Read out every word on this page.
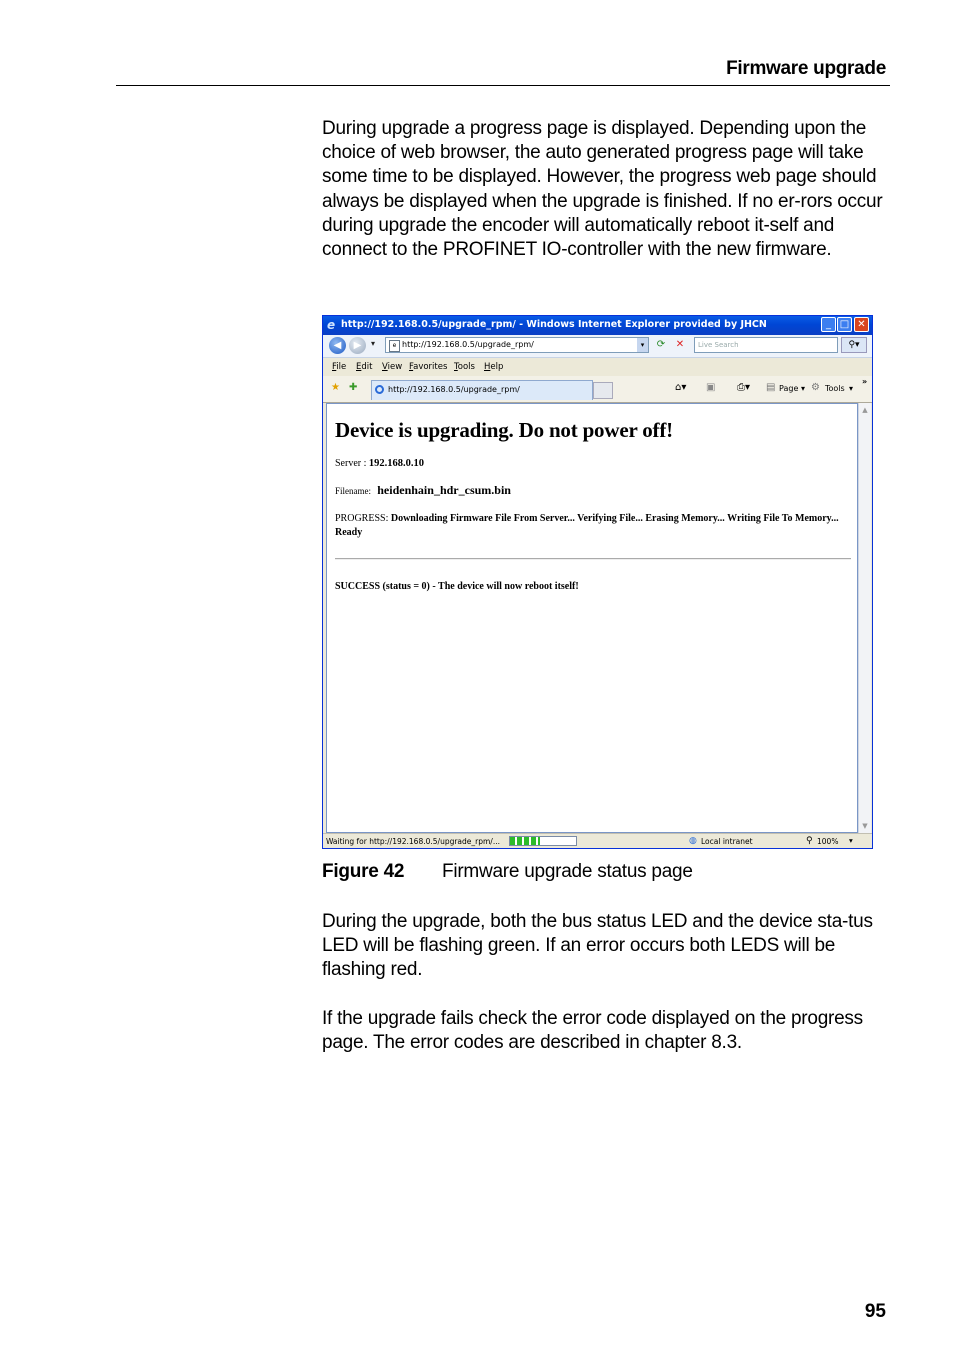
Firmware upgrade

During upgrade a progress page is displayed. Depending upon the choice of web browser, the auto generated progress page will take some time to be displayed. However, the progress web page should always be displayed when the upgrade is finished. If no er-rors occur during upgrade the encoder will automatically reboot it-self and connect to the PROFINET IO-controller with the new firmware.

e http://192.168.0.5/upgrade_rpm/ - Windows Internet Explorer provided by JHCN	_ □ ✕
◀	▶	▾	e http://192.168.0.5/upgrade_rpm/	▾	⟳	✕	Live Search	⚲▾
File Edit View Favorites Tools Help
★ ✚	http://192.168.0.5/upgrade_rpm/	⌂▾ ▣ ⎙▾ ▤ Page ▾ ⚙ Tools ▾
»
Device is upgrading. Do not power off!
Server : 192.168.0.10
Filename: heidenhain_hdr_csum.bin
PROGRESS: Downloading Firmware File From Server... Verifying File... Erasing Memory... Writing File To Memory... Ready
SUCCESS (status = 0) - The device will now reboot itself!
▲
▼
Waiting for http://192.168.0.5/upgrade_rpm/...	◍ Local intranet	⚲ 100% ▾
Figure 42 Firmware upgrade status page

During the upgrade, both the bus status LED and the device sta-tus LED will be flashing green. If an error occurs both LEDS will be flashing red.

If the upgrade fails check the error code displayed on the progress page. The error codes are described in chapter 8.3.

95
